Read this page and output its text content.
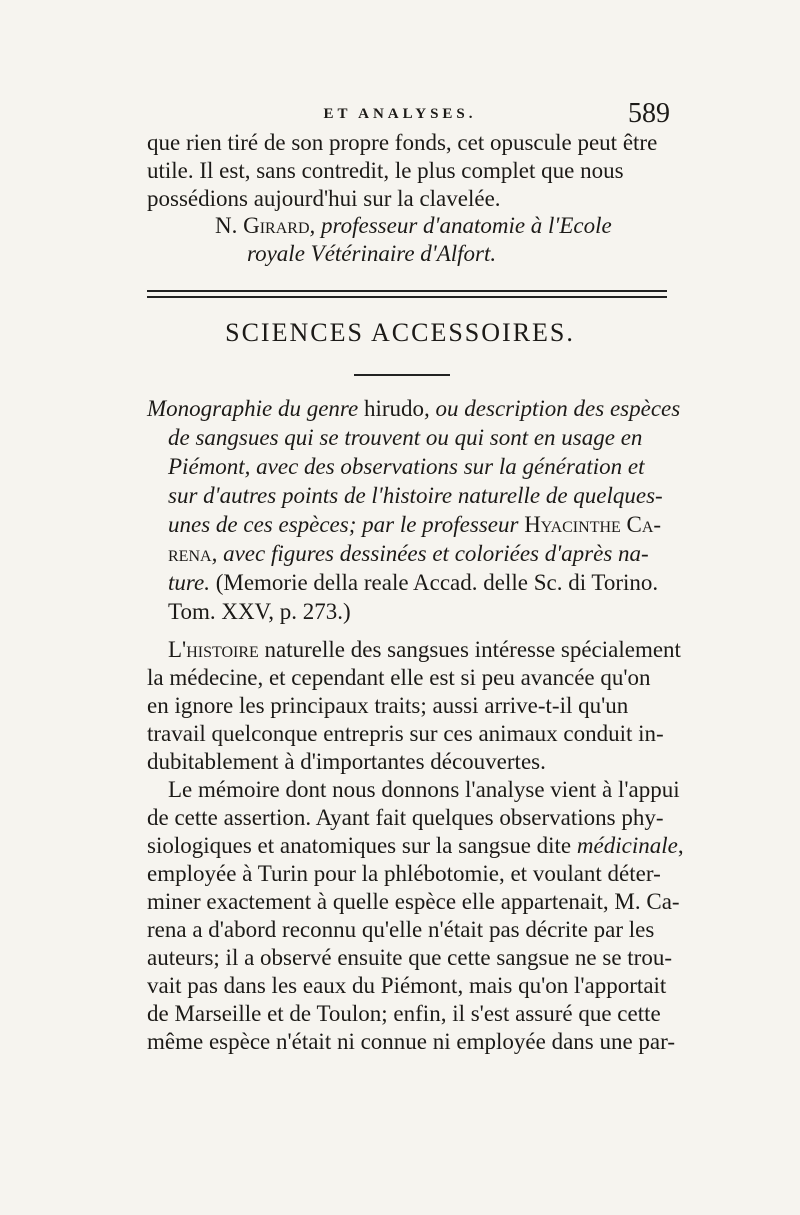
ET ANALYSES.	589
que rien tiré de son propre fonds, cet opuscule peut être
utile. Il est, sans contredit, le plus complet que nous
possédions aujourd'hui sur la clavelée.
N. Girard, professeur d'anatomie à l'Ecole
royale Vétérinaire d'Alfort.
SCIENCES ACCESSOIRES.
Monographie du genre hirudo, ou description des espèces
de sangsues qui se trouvent ou qui sont en usage en
Piémont, avec des observations sur la génération et
sur d'autres points de l'histoire naturelle de quelques-
unes de ces espèces; par le professeur Hyacinthe Ca-
rena, avec figures dessinées et coloriées d'après na-
ture. (Memorie della reale Accad. delle Sc. di Torino.
Tom. XXV, p. 273.)
L'histoire naturelle des sangsues intéresse spécialement
la médecine, et cependant elle est si peu avancée qu'on
en ignore les principaux traits; aussi arrive-t-il qu'un
travail quelconque entrepris sur ces animaux conduit in-
dubitablement à d'importantes découvertes.
Le mémoire dont nous donnons l'analyse vient à l'appui
de cette assertion. Ayant fait quelques observations phy-
siologiques et anatomiques sur la sangsue dite médicinale,
employée à Turin pour la phlébotomie, et voulant déter-
miner exactement à quelle espèce elle appartenait, M. Ca-
rena a d'abord reconnu qu'elle n'était pas décrite par les
auteurs; il a observé ensuite que cette sangsue ne se trou-
vait pas dans les eaux du Piémont, mais qu'on l'apportait
de Marseille et de Toulon; enfin, il s'est assuré que cette
même espèce n'était ni connue ni employée dans une par-
